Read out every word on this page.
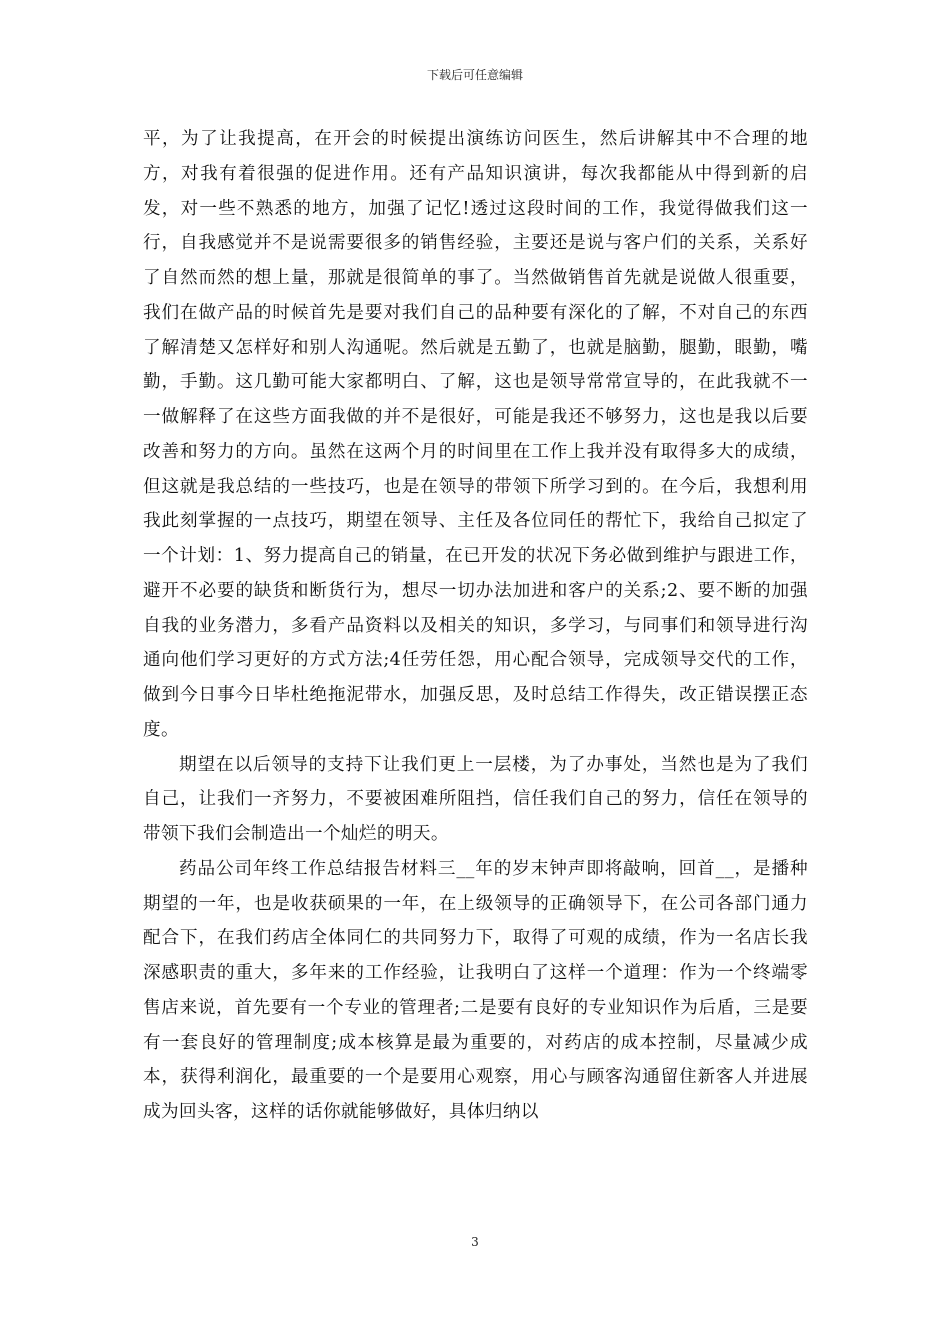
下载后可任意编辑

平，为了让我提高，在开会的时候提出演练访问医生，然后讲解其中不合理的地方，对我有着很强的促进作用。还有产品知识演讲，每次我都能从中得到新的启发，对一些不熟悉的地方，加强了记忆!透过这段时间的工作，我觉得做我们这一行，自我感觉并不是说需要很多的销售经验，主要还是说与客户们的关系，关系好了自然而然的想上量，那就是很简单的事了。当然做销售首先就是说做人很重要，我们在做产品的时候首先是要对我们自己的品种要有深化的了解，不对自己的东西了解清楚又怎样好和别人沟通呢。然后就是五勤了，也就是脑勤，腿勤，眼勤，嘴勤，手勤。这几勤可能大家都明白、了解，这也是领导常常宣导的，在此我就不一一做解释了在这些方面我做的并不是很好，可能是我还不够努力，这也是我以后要改善和努力的方向。虽然在这两个月的时间里在工作上我并没有取得多大的成绩，但这就是我总结的一些技巧，也是在领导的带领下所学习到的。在今后，我想利用我此刻掌握的一点技巧，期望在领导、主任及各位同任的帮忙下，我给自己拟定了一个计划：1、努力提高自己的销量，在已开发的状况下务必做到维护与跟进工作，避开不必要的缺货和断货行为，想尽一切办法加进和客户的关系;2、要不断的加强自我的业务潜力，多看产品资料以及相关的知识，多学习，与同事们和领导进行沟通向他们学习更好的方式方法;4任劳任怨，用心配合领导，完成领导交代的工作，做到今日事今日毕杜绝拖泥带水，加强反思，及时总结工作得失，改正错误摆正态度。

期望在以后领导的支持下让我们更上一层楼，为了办事处，当然也是为了我们自己，让我们一齐努力，不要被困难所阻挡，信任我们自己的努力，信任在领导的带领下我们会制造出一个灿烂的明天。

药品公司年终工作总结报告材料三__年的岁末钟声即将敲响，回首__，是播种期望的一年，也是收获硕果的一年，在上级领导的正确领导下，在公司各部门通力配合下，在我们药店全体同仁的共同努力下，取得了可观的成绩，作为一名店长我深感职责的重大，多年来的工作经验，让我明白了这样一个道理：作为一个终端零售店来说，首先要有一个专业的管理者;二是要有良好的专业知识作为后盾，三是要有一套良好的管理制度;成本核算是最为重要的，对药店的成本控制，尽量减少成本，获得利润化，最重要的一个是要用心观察，用心与顾客沟通留住新客人并进展成为回头客，这样的话你就能够做好，具体归纳以

3
